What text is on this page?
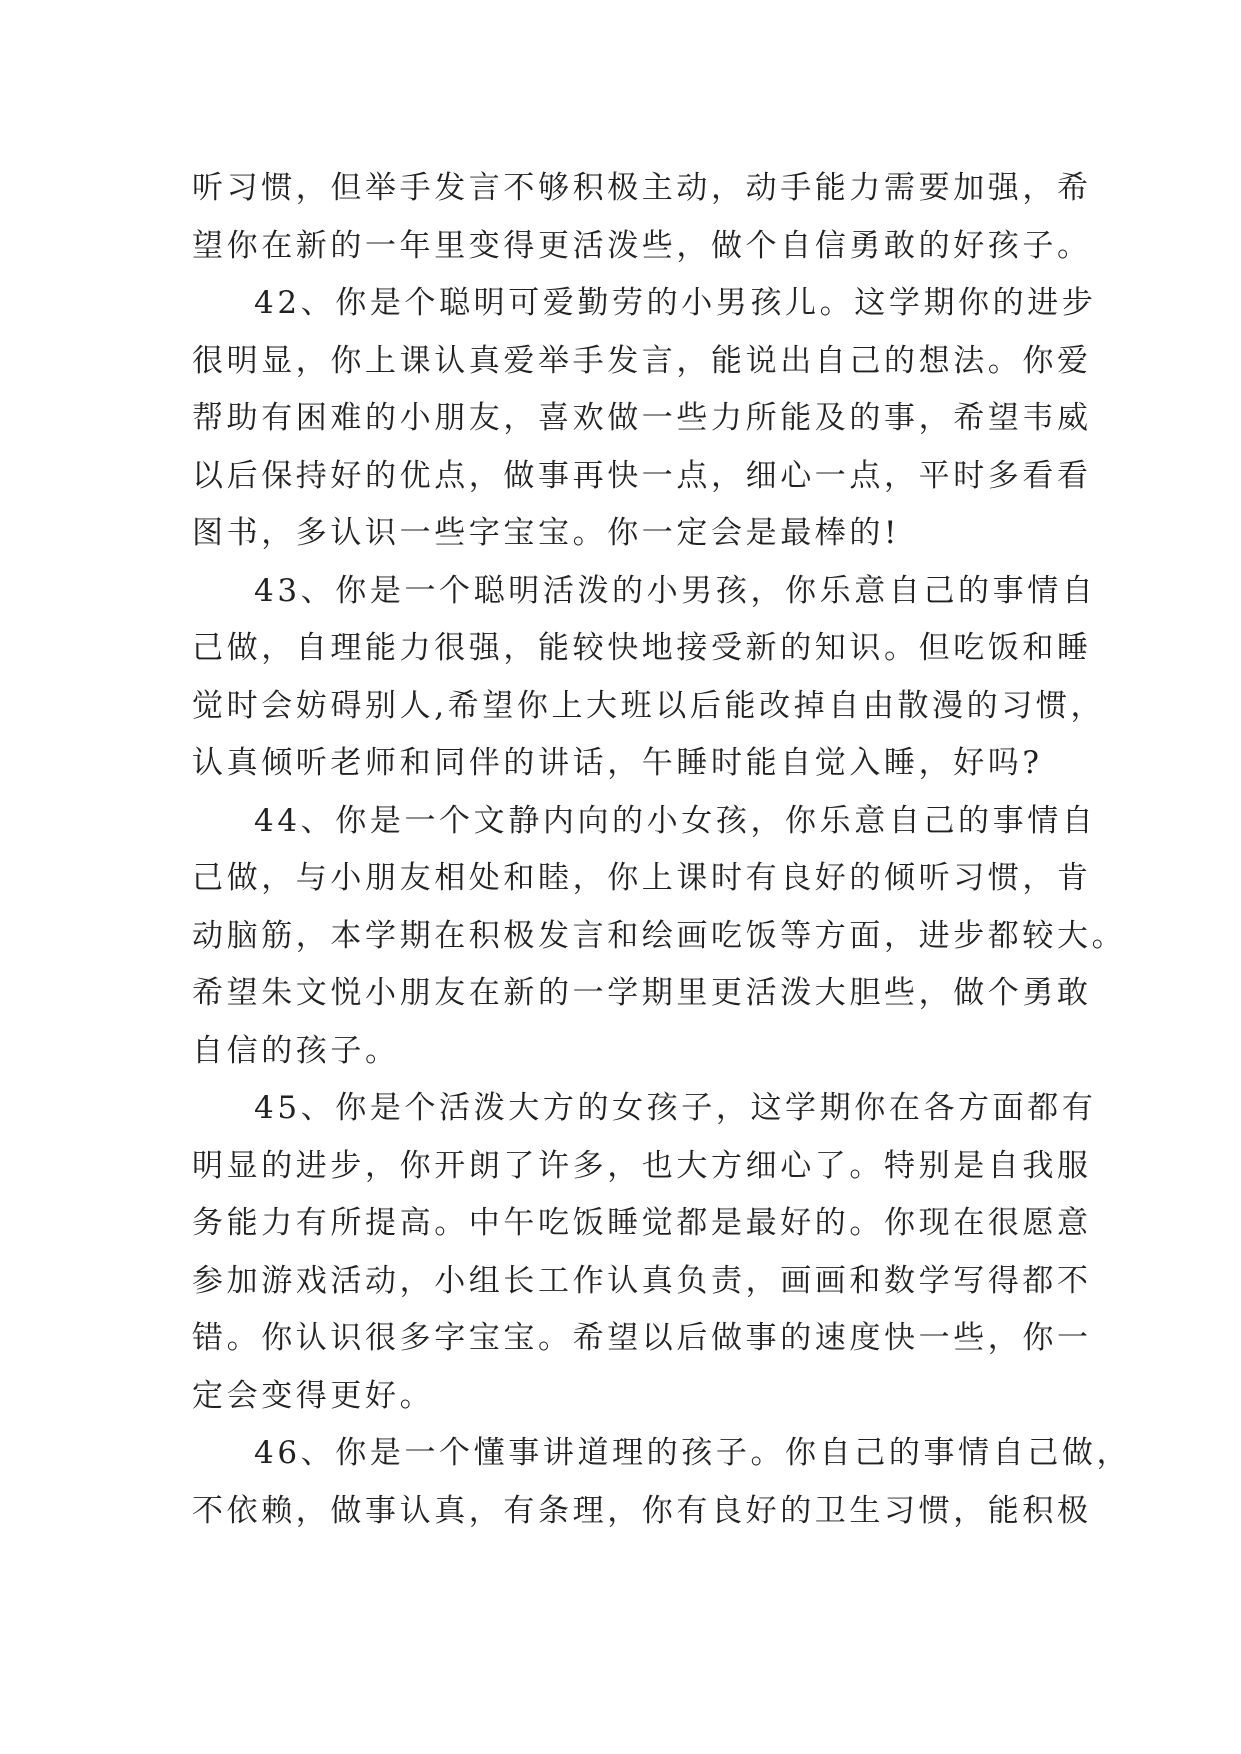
听习惯，但举手发言不够积极主动，动手能力需要加强，希
望你在新的一年里变得更活泼些，做个自信勇敢的好孩子。
42、你是个聪明可爱勤劳的小男孩儿。这学期你的进步
很明显，你上课认真爱举手发言，能说出自己的想法。你爱
帮助有困难的小朋友，喜欢做一些力所能及的事，希望韦威
以后保持好的优点，做事再快一点，细心一点，平时多看看
图书，多认识一些字宝宝。你一定会是最棒的!
43、你是一个聪明活泼的小男孩，你乐意自己的事情自
己做，自理能力很强，能较快地接受新的知识。但吃饭和睡
觉时会妨碍别人,希望你上大班以后能改掉自由散漫的习惯，
认真倾听老师和同伴的讲话，午睡时能自觉入睡，好吗?
44、你是一个文静内向的小女孩，你乐意自己的事情自
己做，与小朋友相处和睦，你上课时有良好的倾听习惯，肯
动脑筋，本学期在积极发言和绘画吃饭等方面，进步都较大。
希望朱文悦小朋友在新的一学期里更活泼大胆些，做个勇敢
自信的孩子。
45、你是个活泼大方的女孩子，这学期你在各方面都有
明显的进步，你开朗了许多，也大方细心了。特别是自我服
务能力有所提高。中午吃饭睡觉都是最好的。你现在很愿意
参加游戏活动，小组长工作认真负责，画画和数学写得都不
错。你认识很多字宝宝。希望以后做事的速度快一些，你一
定会变得更好。
46、你是一个懂事讲道理的孩子。你自己的事情自己做，
不依赖，做事认真，有条理，你有良好的卫生习惯，能积极
